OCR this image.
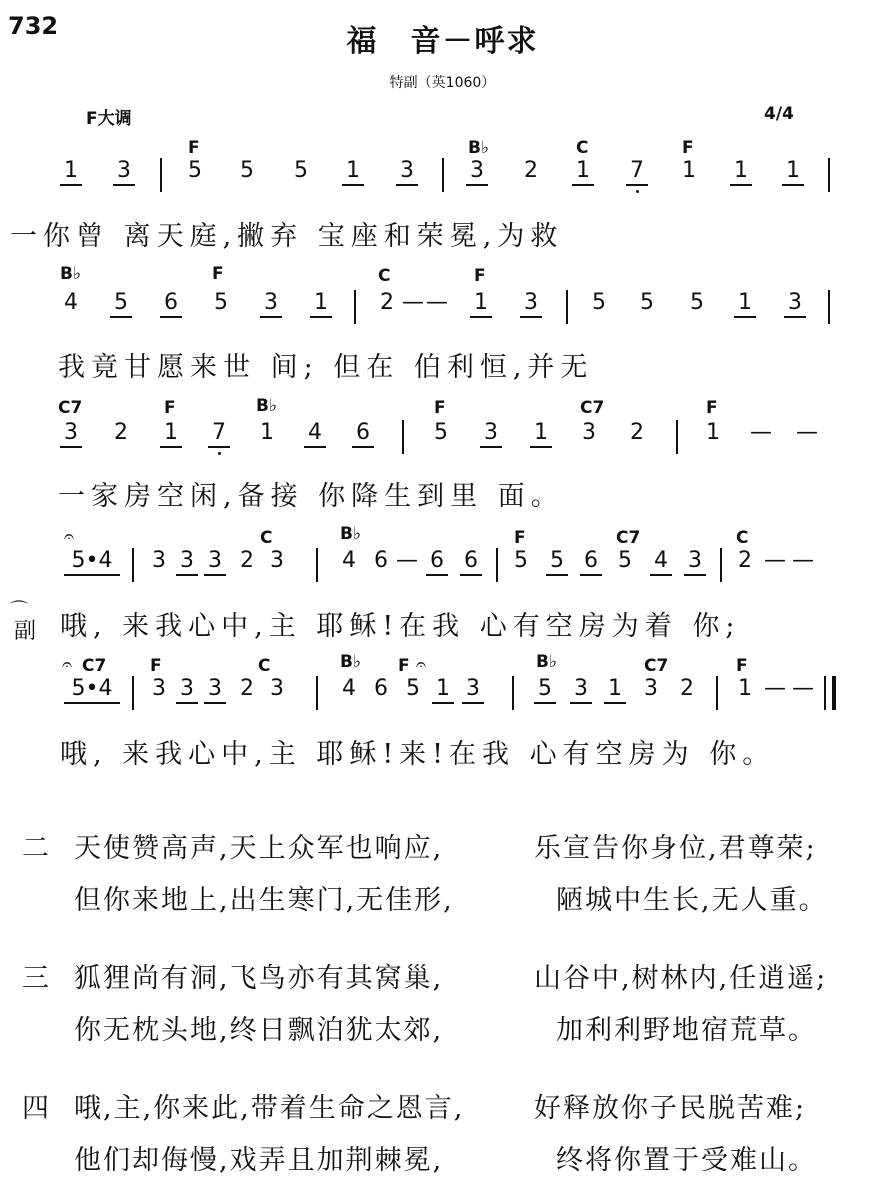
732	福　音－呼求
特副（英1060）
F大调	4/4
F	B♭	C	F
1 3	5 5 5 1 3	3 2 1 7 1 1 1
一你曾 离天庭,撇弃 宝座和荣冕,为救
B♭	F	C	F
4 5 6 5 3 1 2 — — 1 3 5 5 5 1 3
我竟甘愿来世 间; 但在 伯利恒,并无
C7	F	B♭	F	C7	F
3 2 1 7 1 4 6	5 3 1 3 2	1 — —
一家房空闲,备接 你降生到里 面。
𝄐	C	B♭	F	C7	C
5•4	3 3 3 2 3	4 6 — 6 6 5 5 6 5 4 3 2 — —
⌒
副 哦, 来我心中,主 耶稣!在我 心有空房为着 你;
𝄐 C7	F	C	B♭ F 𝄐	B♭	C7	F
5•4	3 3 3 2 3	4 6 5 1 3	5 3 1 3 2 1 — —
哦, 来我心中,主 耶稣!来!在我 心有空房为 你。
二 天使赞高声,天上众军也响应,	乐宣告你身位,君尊荣;
但你来地上,出生寒门,无佳形,	陋城中生长,无人重。
三 狐狸尚有洞,飞鸟亦有其窝巢,	山谷中,树林内,任逍遥;
你无枕头地,终日飘泊犹太郊,	加利利野地宿荒草。
四 哦,主,你来此,带着生命之恩言,	好释放你子民脱苦难;
他们却侮慢,戏弄且加荆棘冕,	终将你置于受难山。
